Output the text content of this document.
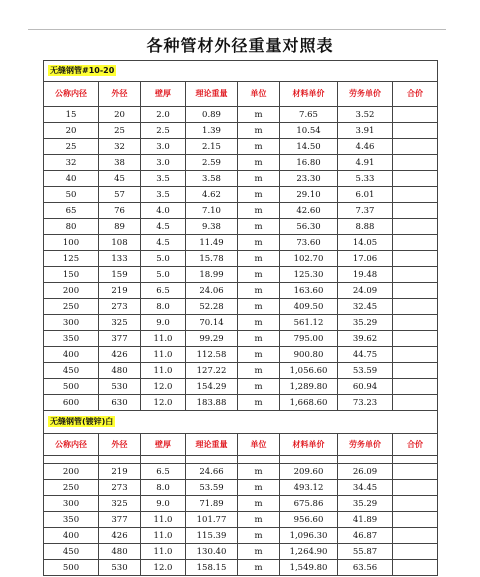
各种管材外径重量对照表
无缝钢管#10-20							
公称内径	外径	壁厚	理论重量	单位	材料单价	劳务单价	合价
15	20	2.0	0.89	m	7.65	3.52	
20	25	2.5	1.39	m	10.54	3.91	
25	32	3.0	2.15	m	14.50	4.46	
32	38	3.0	2.59	m	16.80	4.91	
40	45	3.5	3.58	m	23.30	5.33	
50	57	3.5	4.62	m	29.10	6.01	
65	76	4.0	7.10	m	42.60	7.37	
80	89	4.5	9.38	m	56.30	8.88	
100	108	4.5	11.49	m	73.60	14.05	
125	133	5.0	15.78	m	102.70	17.06	
150	159	5.0	18.99	m	125.30	19.48	
200	219	6.5	24.06	m	163.60	24.09	
250	273	8.0	52.28	m	409.50	32.45	
300	325	9.0	70.14	m	561.12	35.29	
350	377	11.0	99.29	m	795.00	39.62	
400	426	11.0	112.58	m	900.80	44.75	
450	480	11.0	127.22	m	1,056.60	53.59	
500	530	12.0	154.29	m	1,289.80	60.94	
600	630	12.0	183.88	m	1,668.60	73.23	
无缝钢管(镀锌)白							
公称内径	外径	壁厚	理论重量	单位	材料单价	劳务单价	合价

200	219	6.5	24.66	m	209.60	26.09	
250	273	8.0	53.59	m	493.12	34.45	
300	325	9.0	71.89	m	675.86	35.29	
350	377	11.0	101.77	m	956.60	41.89	
400	426	11.0	115.39	m	1,096.30	46.87	
450	480	11.0	130.40	m	1,264.90	55.87	
500	530	12.0	158.15	m	1,549.80	63.56	
